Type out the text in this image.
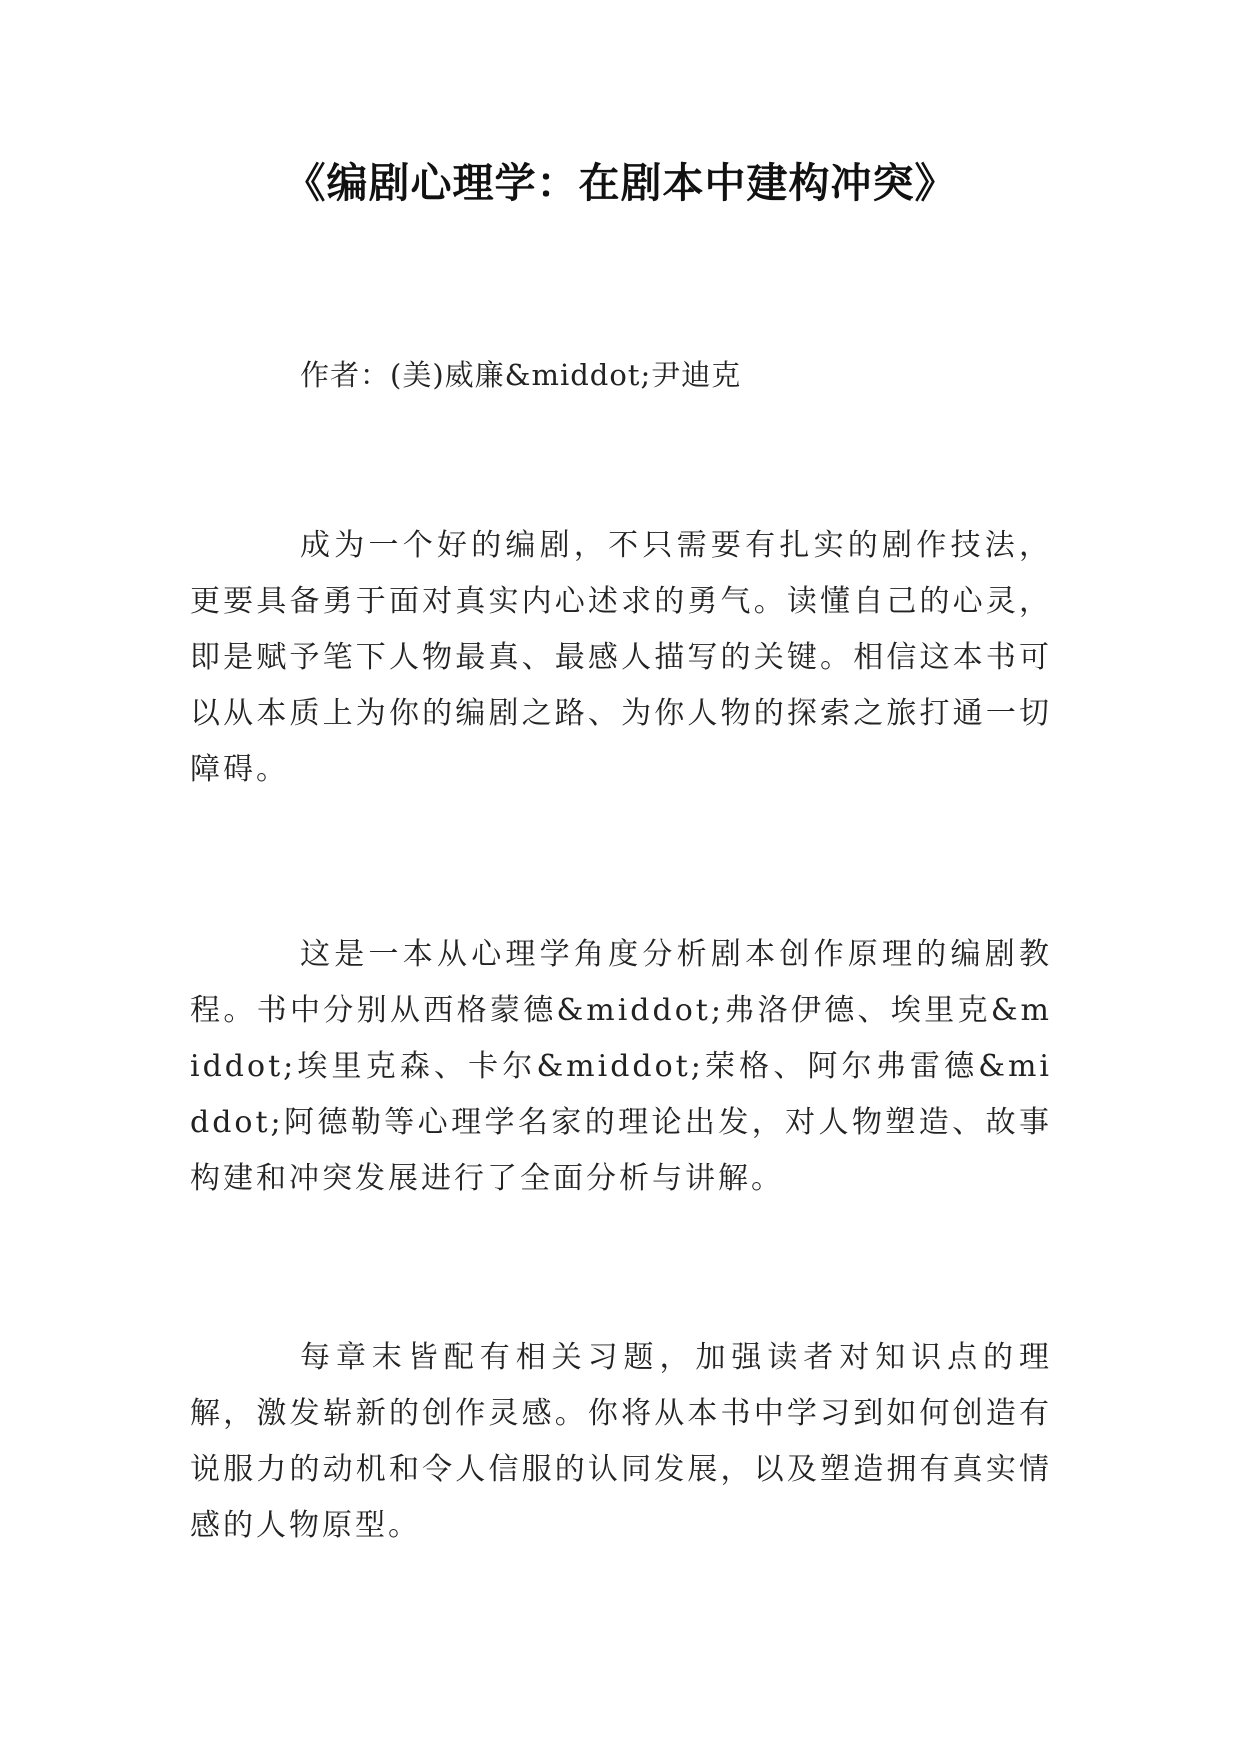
《编剧心理学：在剧本中建构冲突》
作者：(美)威廉&middot;尹迪克

成为一个好的编剧，不只需要有扎实的剧作技法，更要具备勇于面对真实内心述求的勇气。读懂自己的心灵，即是赋予笔下人物最真、最感人描写的关键。相信这本书可以从本质上为你的编剧之路、为你人物的探索之旅打通一切障碍。

这是一本从心理学角度分析剧本创作原理的编剧教程。书中分别从西格蒙德&middot;弗洛伊德、埃里克&middot;埃里克森、卡尔&middot;荣格、阿尔弗雷德&middot;阿德勒等心理学名家的理论出发，对人物塑造、故事构建和冲突发展进行了全面分析与讲解。

每章末皆配有相关习题，加强读者对知识点的理解，激发崭新的创作灵感。你将从本书中学习到如何创造有说服力的动机和令人信服的认同发展，以及塑造拥有真实情感的人物原型。
